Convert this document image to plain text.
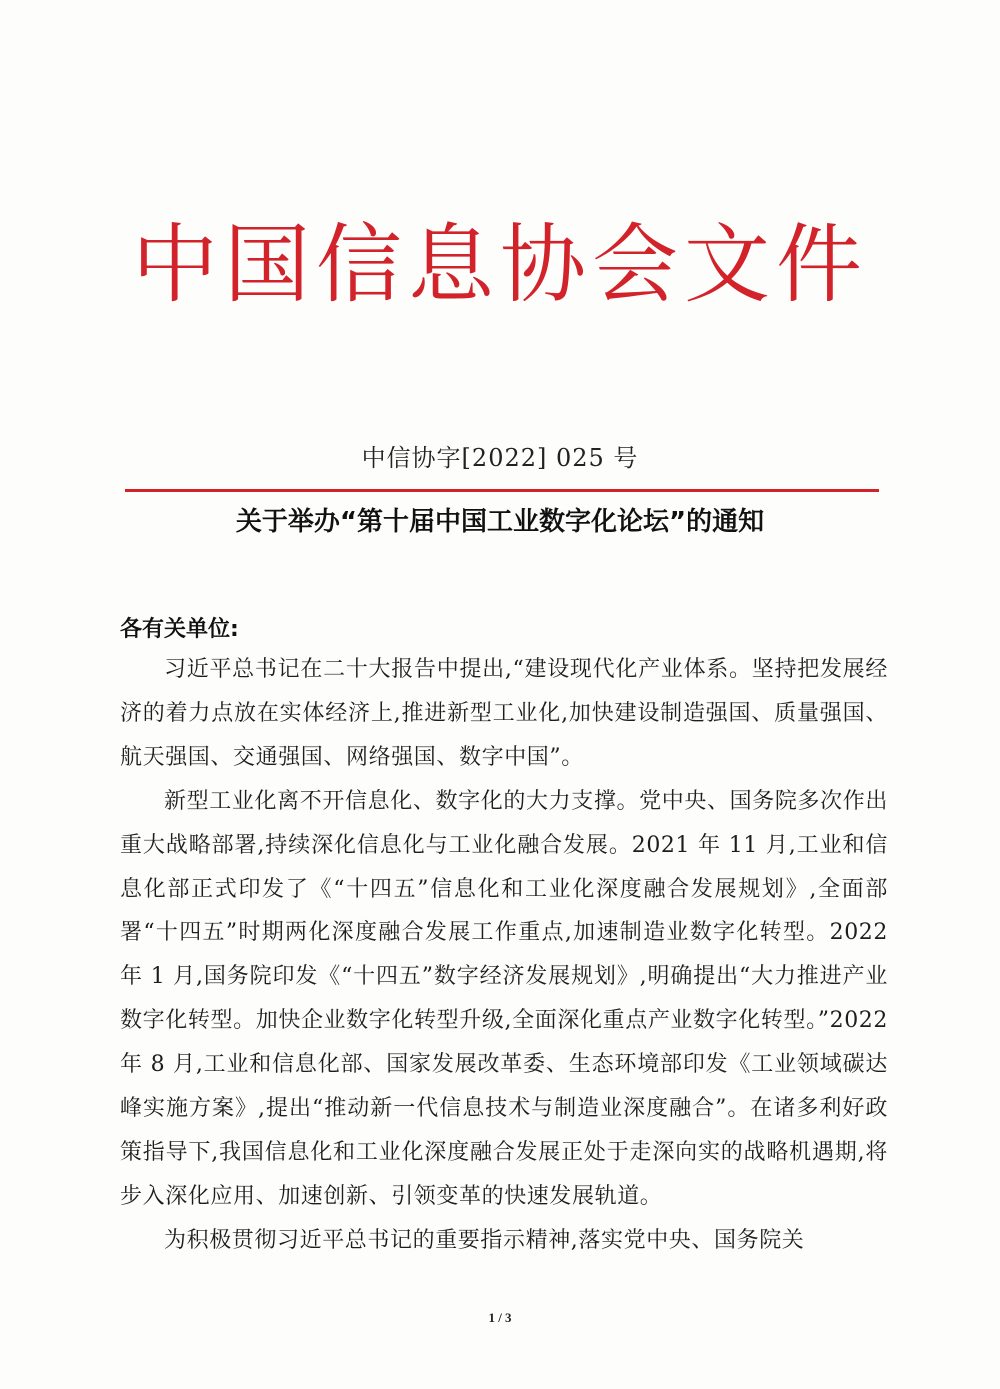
中国信息协会文件
中信协字[2022] 025 号
关于举办“第十届中国工业数字化论坛”的通知
各有关单位:

习近平总书记在二十大报告中提出,“建设现代化产业体系。坚持把发展经济的着力点放在实体经济上,推进新型工业化,加快建设制造强国、质量强国、航天强国、交通强国、网络强国、数字中国”。

新型工业化离不开信息化、数字化的大力支撑。党中央、国务院多次作出重大战略部署,持续深化信息化与工业化融合发展。2021 年 11 月,工业和信息化部正式印发了《“十四五”信息化和工业化深度融合发展规划》,全面部署“十四五”时期两化深度融合发展工作重点,加速制造业数字化转型。2022 年 1 月,国务院印发《“十四五”数字经济发展规划》,明确提出“大力推进产业数字化转型。加快企业数字化转型升级,全面深化重点产业数字化转型。”2022 年 8 月,工业和信息化部、国家发展改革委、生态环境部印发《工业领域碳达峰实施方案》,提出“推动新一代信息技术与制造业深度融合”。在诸多利好政策指导下,我国信息化和工业化深度融合发展正处于走深向实的战略机遇期,将步入深化应用、加速创新、引领变革的快速发展轨道。

为积极贯彻习近平总书记的重要指示精神,落实党中央、国务院关

1 / 3
